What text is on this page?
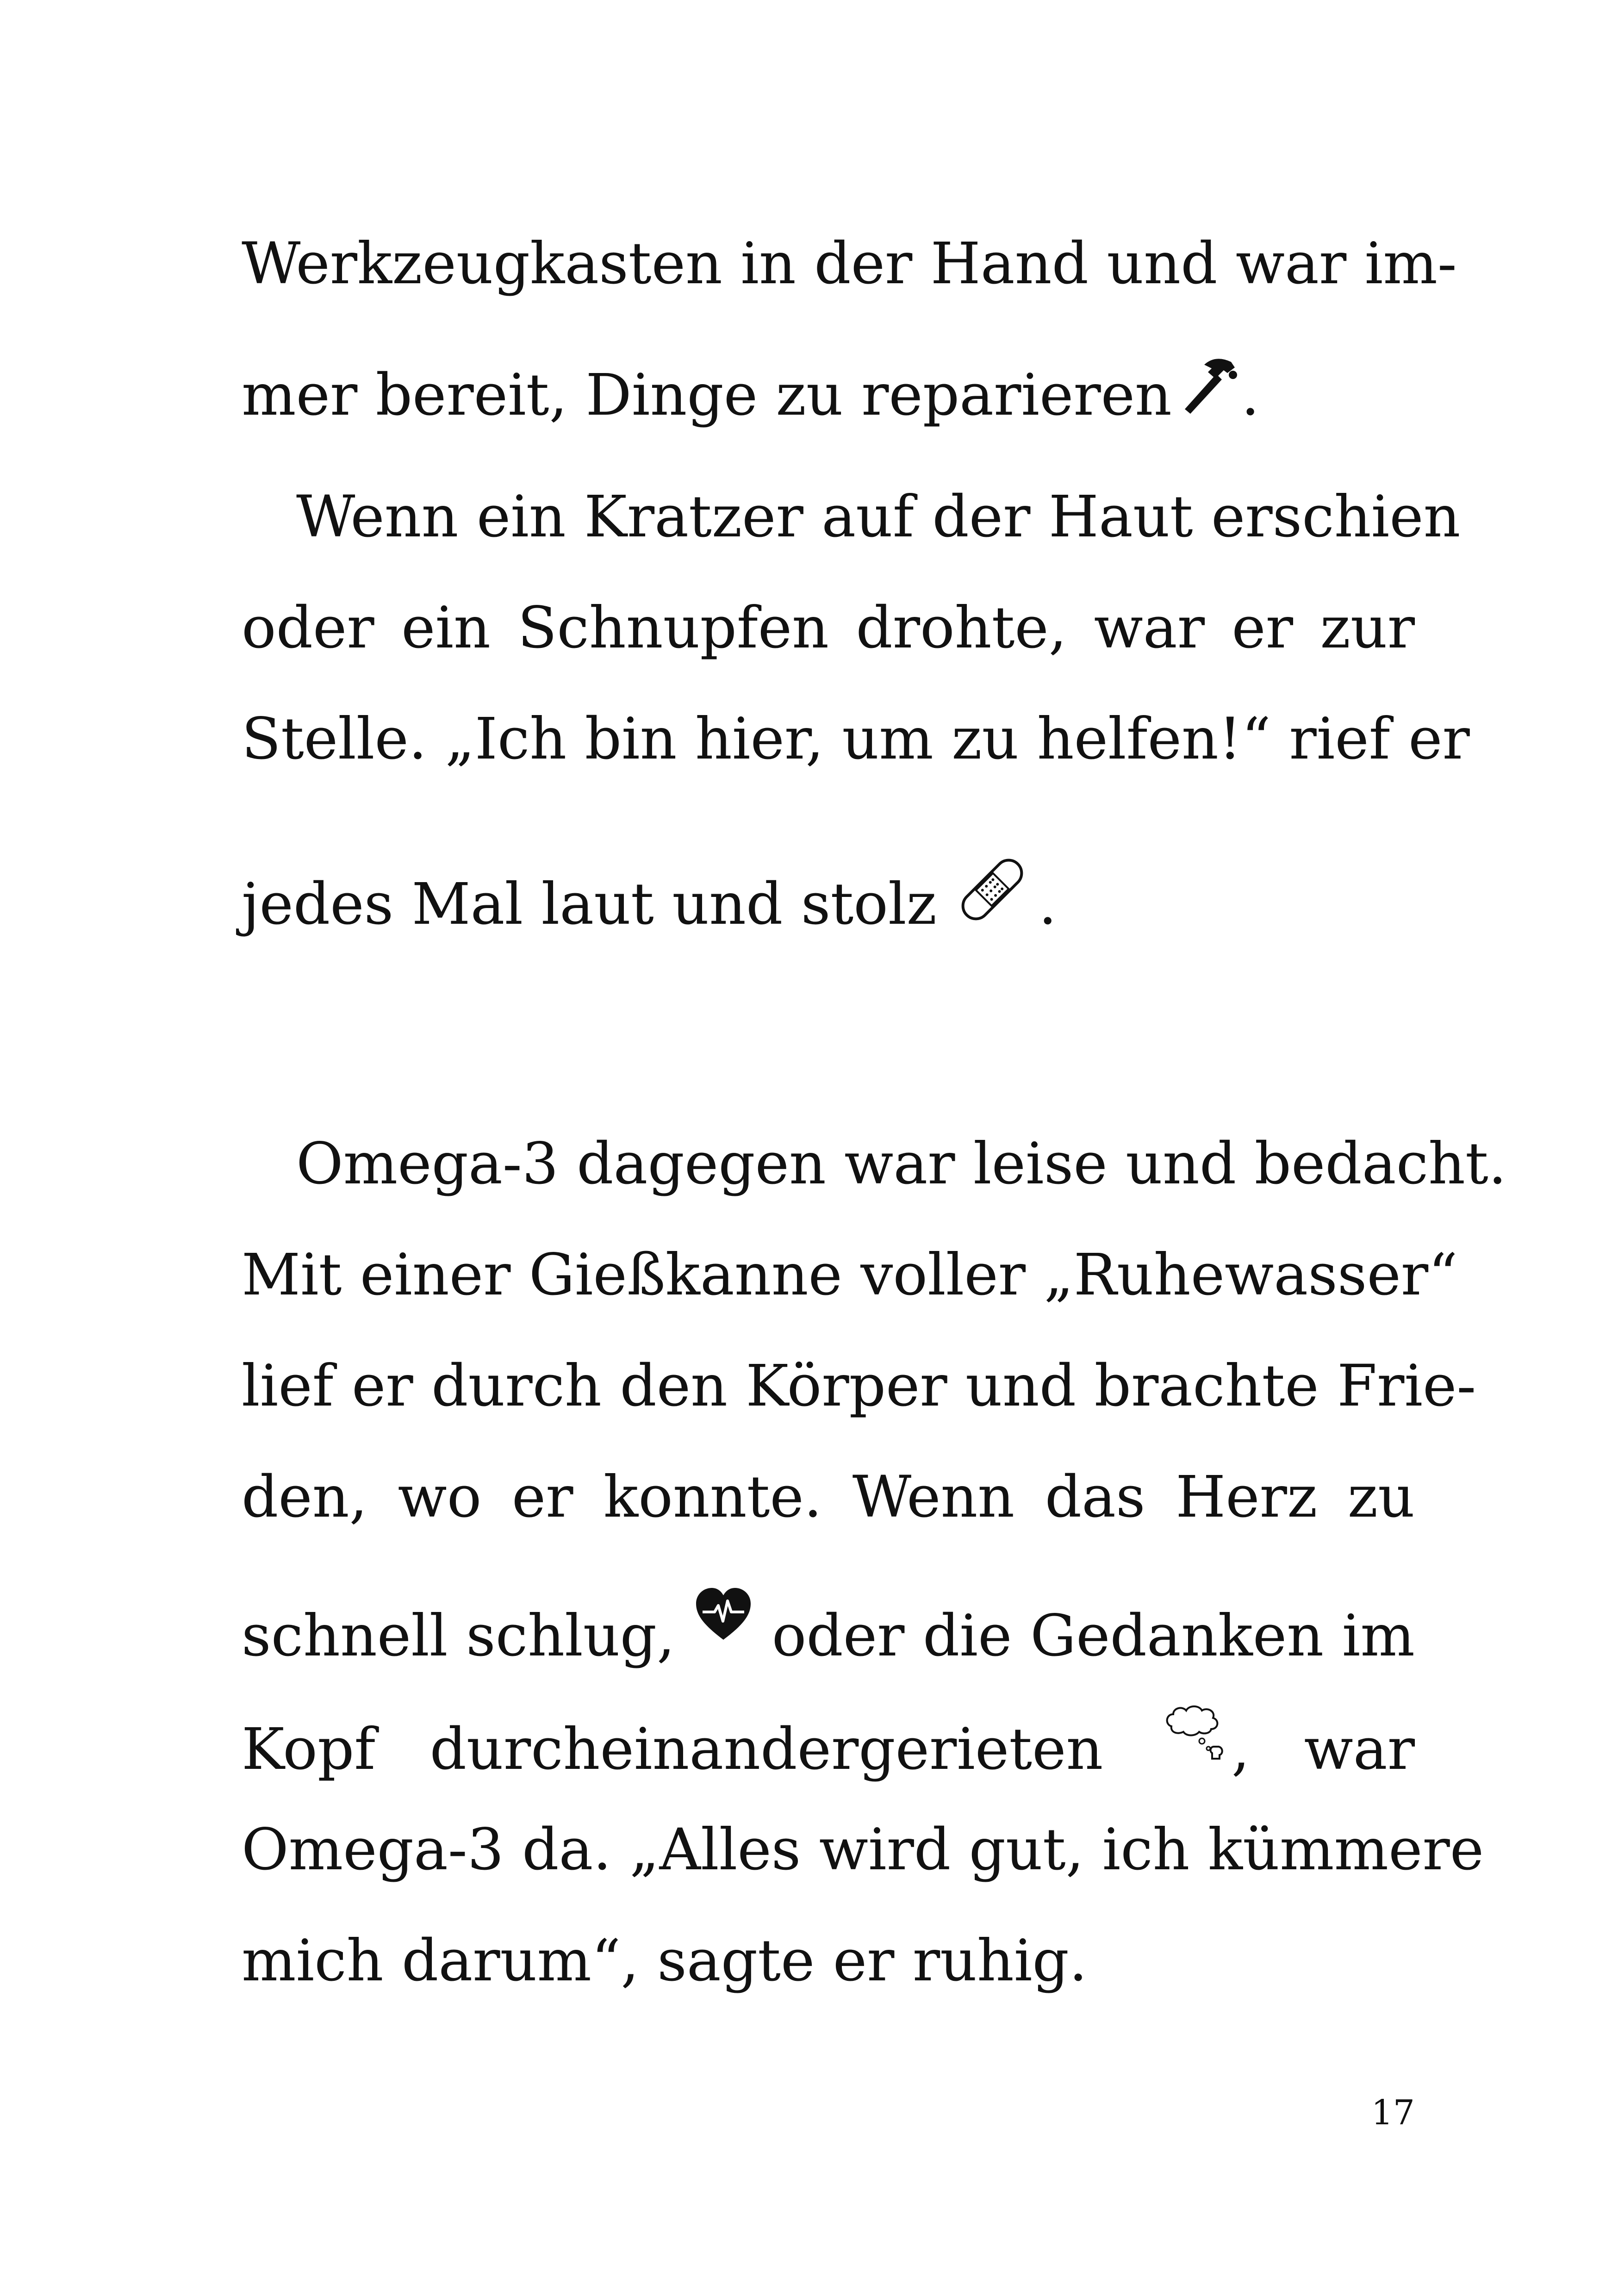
Werkzeugkasten in der Hand und war im-
mer bereit, Dinge zu reparieren .
Wenn ein Kratzer auf der Haut erschien
oder ein Schnupfen drohte, war er zur
Stelle. „Ich bin hier, um zu helfen!“ rief er
jedes Mal laut und stolz .
Omega-3 dagegen war leise und bedacht.
Mit einer Gießkanne voller „Ruhewasser“
lief er durch den Körper und brachte Frie-
den, wo er konnte. Wenn das Herz zu
schnell schlug, oder die Gedanken im
Kopf durcheinandergerieten , war
Omega-3 da. „Alles wird gut, ich kümmere
mich darum“, sagte er ruhig.
17
